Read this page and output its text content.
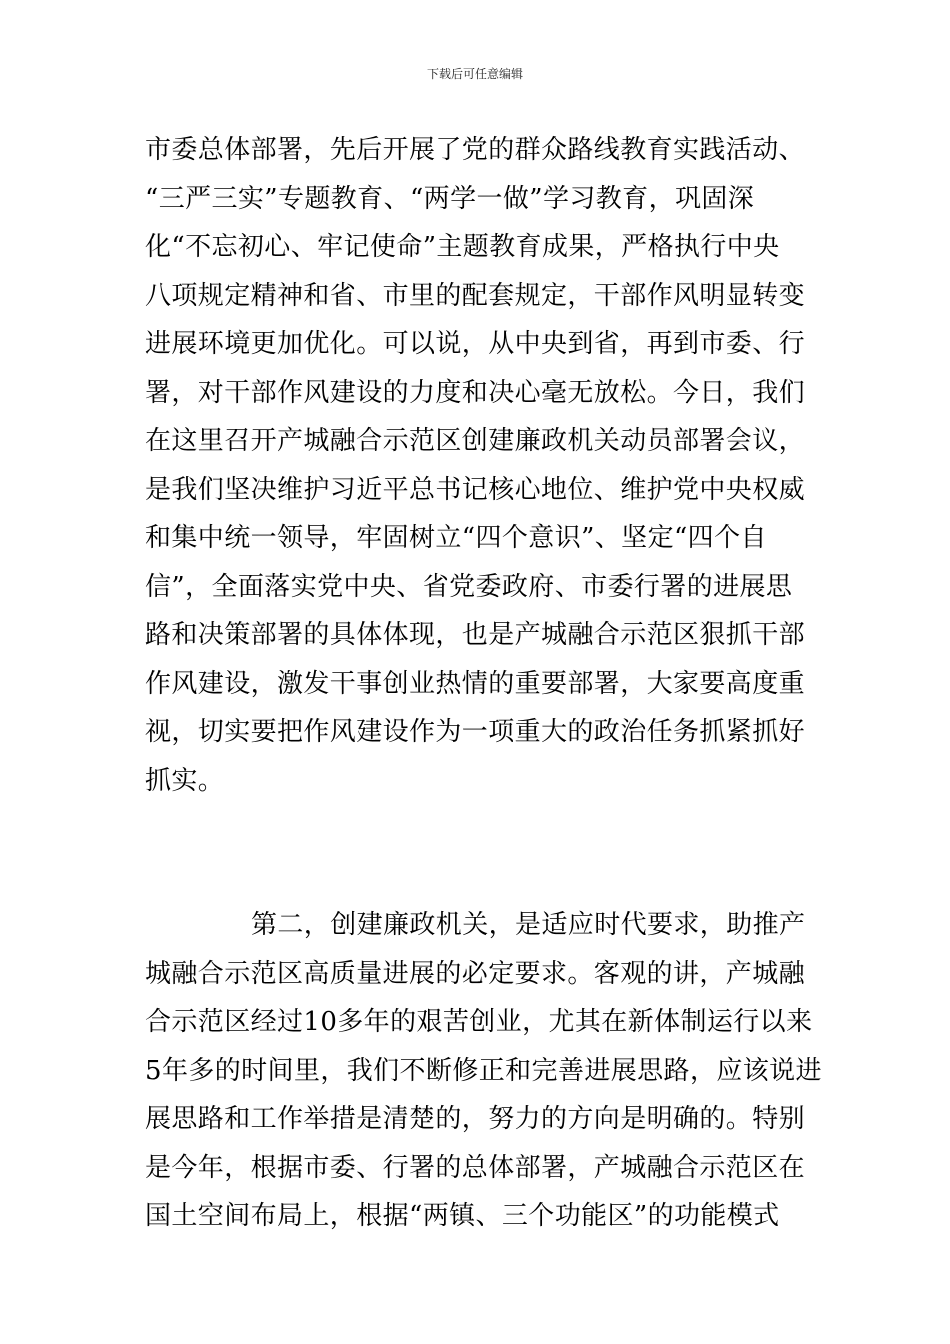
下载后可任意编辑
市委总体部署，先后开展了党的群众路线教育实践活动、
“三严三实”专题教育、“两学一做”学习教育，巩固深
化“不忘初心、牢记使命”主题教育成果，严格执行中央
八项规定精神和省、市里的配套规定，干部作风明显转变
进展环境更加优化。可以说，从中央到省，再到市委、行
署，对干部作风建设的力度和决心毫无放松。今日，我们
在这里召开产城融合示范区创建廉政机关动员部署会议，
是我们坚决维护习近平总书记核心地位、维护党中央权威
和集中统一领导，牢固树立“四个意识”、坚定“四个自
信”，全面落实党中央、省党委政府、市委行署的进展思
路和决策部署的具体体现，也是产城融合示范区狠抓干部
作风建设，激发干事创业热情的重要部署，大家要高度重
视，切实要把作风建设作为一项重大的政治任务抓紧抓好
抓实。
第二，创建廉政机关，是适应时代要求，助推产
城融合示范区高质量进展的必定要求。客观的讲，产城融
合示范区经过10多年的艰苦创业，尤其在新体制运行以来
5年多的时间里，我们不断修正和完善进展思路，应该说进
展思路和工作举措是清楚的，努力的方向是明确的。特别
是今年，根据市委、行署的总体部署，产城融合示范区在
国土空间布局上，根据“两镇、三个功能区”的功能模式
